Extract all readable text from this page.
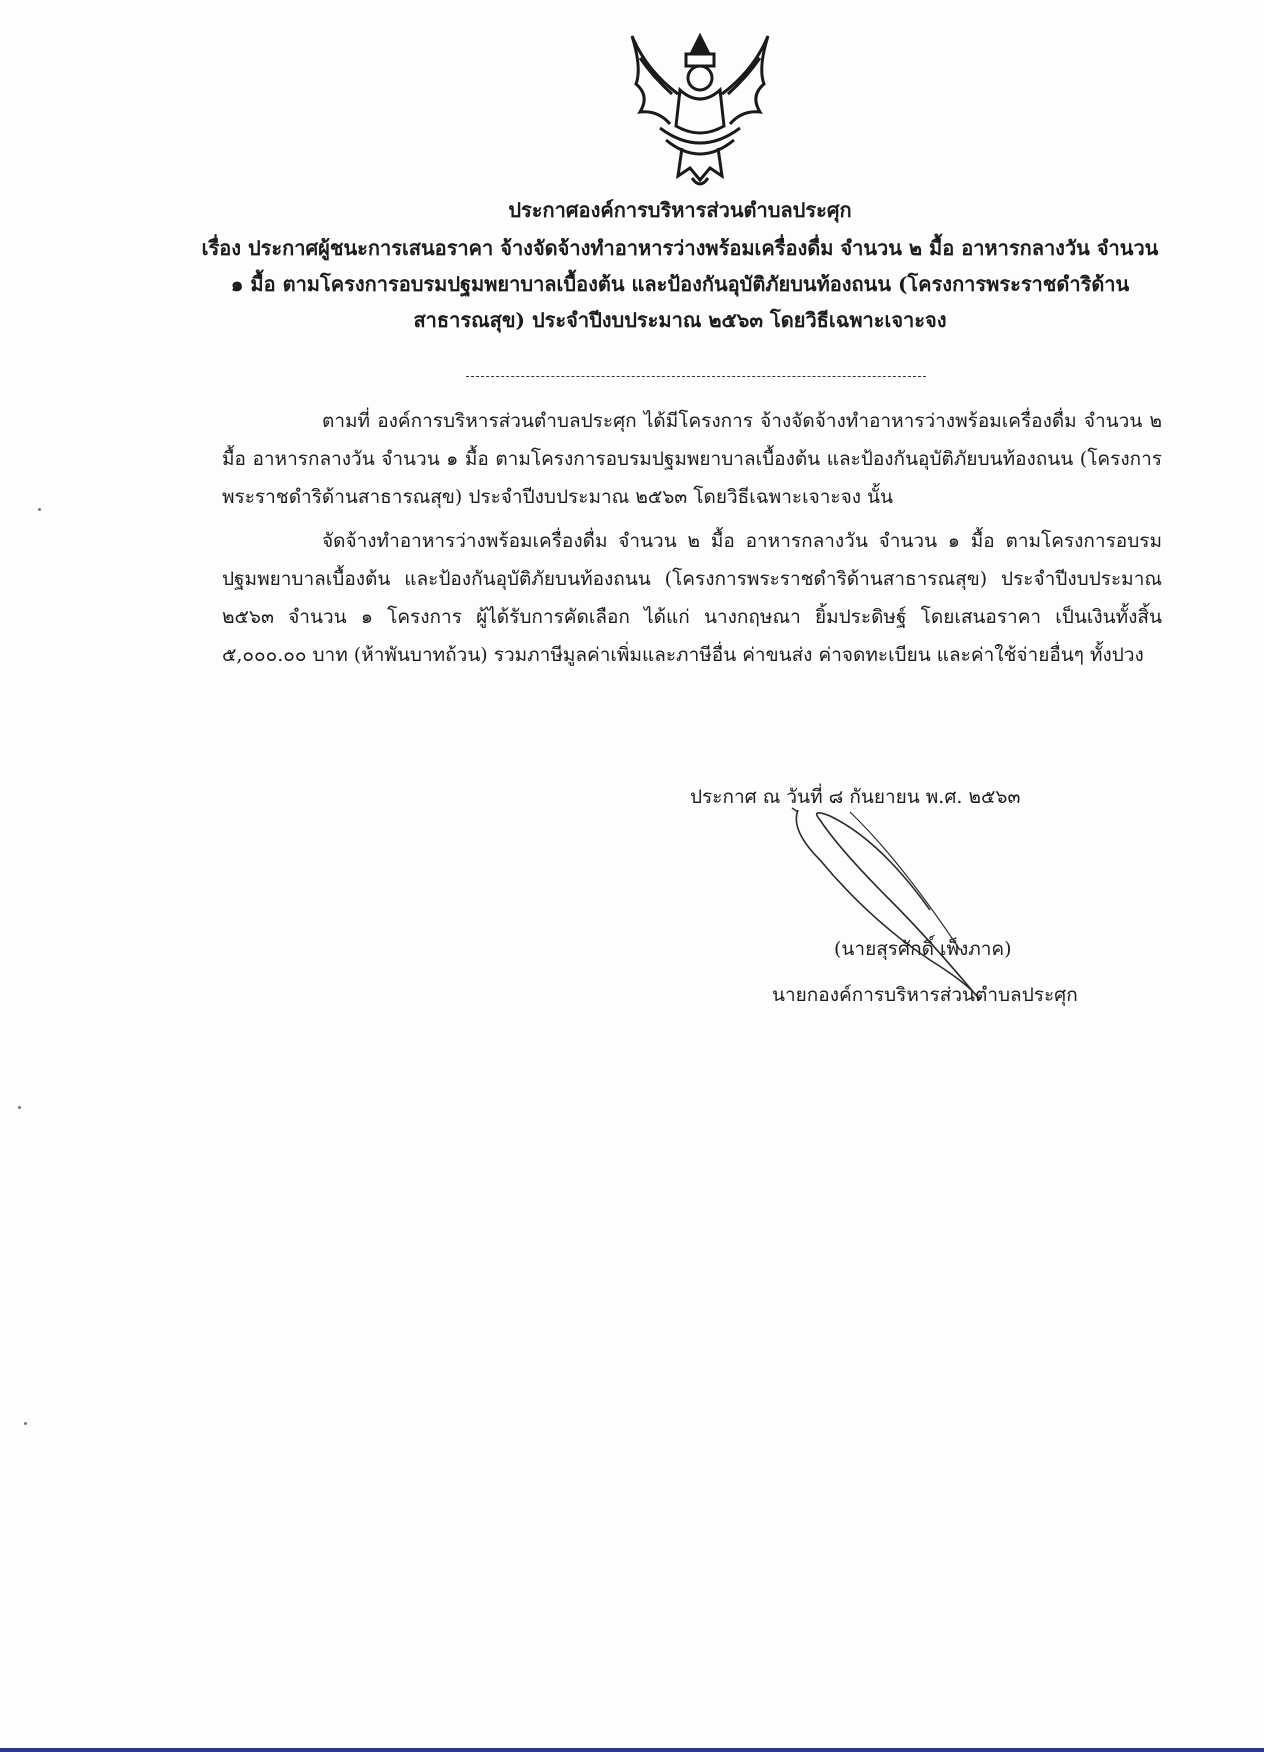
ประกาศองค์การบริหารส่วนตำบลประศุก
เรื่อง ประกาศผู้ชนะการเสนอราคา จ้างจัดจ้างทำอาหารว่างพร้อมเครื่องดื่ม จำนวน ๒ มื้อ อาหารกลางวัน จำนวน ๑ มื้อ ตามโครงการอบรมปฐมพยาบาลเบื้องต้น และป้องกันอุบัติภัยบนท้องถนน (โครงการพระราชดำริด้านสาธารณสุข) ประจำปีงบประมาณ ๒๕๖๓ โดยวิธีเฉพาะเจาะจง
ตามที่ องค์การบริหารส่วนตำบลประศุก ได้มีโครงการ จ้างจัดจ้างทำอาหารว่างพร้อมเครื่องดื่ม จำนวน ๒ มื้อ อาหารกลางวัน จำนวน ๑ มื้อ ตามโครงการอบรมปฐมพยาบาลเบื้องต้น และป้องกันอุบัติภัยบนท้องถนน (โครงการพระราชดำริด้านสาธารณสุข) ประจำปีงบประมาณ ๒๕๖๓ โดยวิธีเฉพาะเจาะจง นั้น
จัดจ้างทำอาหารว่างพร้อมเครื่องดื่ม จำนวน ๒ มื้อ อาหารกลางวัน จำนวน ๑ มื้อ ตามโครงการอบรมปฐมพยาบาลเบื้องต้น และป้องกันอุบัติภัยบนท้องถนน (โครงการพระราชดำริด้านสาธารณสุข) ประจำปีงบประมาณ ๒๕๖๓ จำนวน ๑ โครงการ ผู้ได้รับการคัดเลือก ได้แก่ นางกฤษณา ยิ้มประดิษฐ์ โดยเสนอราคา เป็นเงินทั้งสิ้น ๕,๐๐๐.๐๐ บาท (ห้าพันบาทถ้วน) รวมภาษีมูลค่าเพิ่มและภาษีอื่น ค่าขนส่ง ค่าจดทะเบียน และค่าใช้จ่ายอื่นๆ ทั้งปวง
ประกาศ ณ วันที่ ๘ กันยายน พ.ศ. ๒๕๖๓
(นายสุรศักดิ์ เพ็งภาค)
นายกองค์การบริหารส่วนตำบลประศุก
